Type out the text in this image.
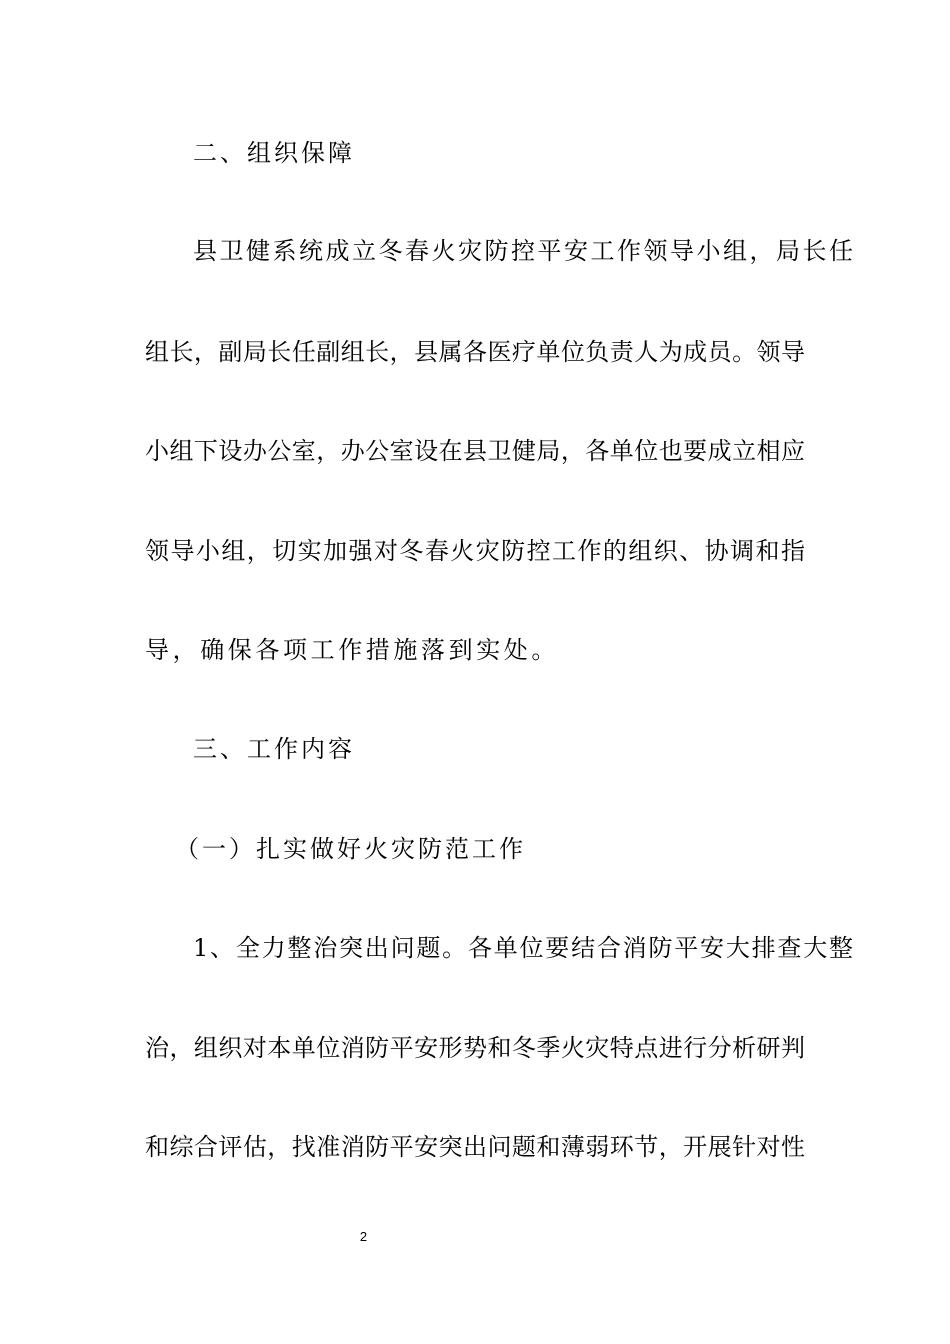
二、组织保障
县卫健系统成立冬春火灾防控平安工作领导小组，局长任
组长，副局长任副组长，县属各医疗单位负责人为成员。领导
小组下设办公室，办公室设在县卫健局，各单位也要成立相应
领导小组，切实加强对冬春火灾防控工作的组织、协调和指
导，确保各项工作措施落到实处。
三、工作内容
（一）扎实做好火灾防范工作
1、全力整治突出问题。各单位要结合消防平安大排查大整
治，组织对本单位消防平安形势和冬季火灾特点进行分析研判
和综合评估，找准消防平安突出问题和薄弱环节，开展针对性
2
